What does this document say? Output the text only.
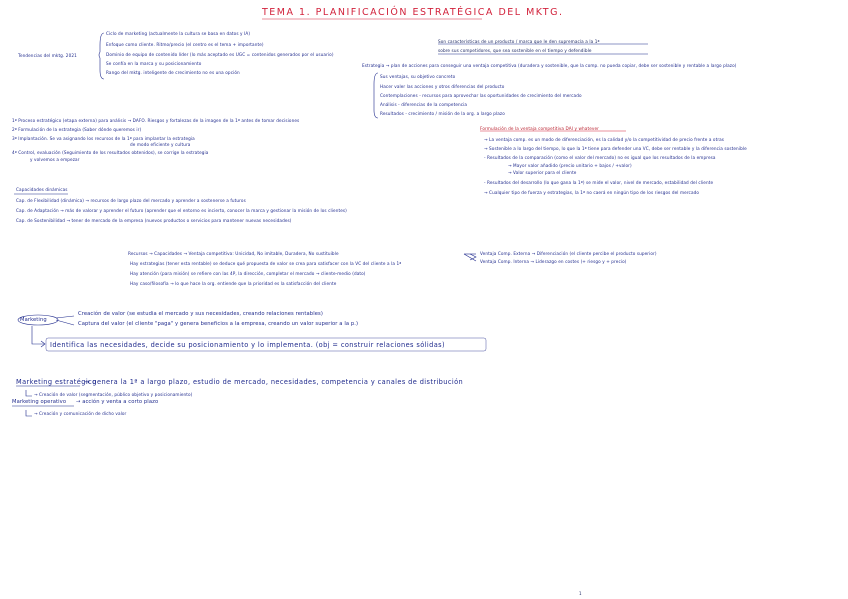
TEMA 1. PLANIFICACIÓN ESTRATÉGICA DEL MKTG.
Tendencias del mktg. 2021
Ciclo de marketing (actualmente la cultura se basa en datos y IA)
Enfoque como cliente. Ritmo/precio (el centro es el tema + importante)
Dominio de equipo de contenido líder (lo más aceptado es UGC = contenidos generados por el usuario)
Se confía en la marca y su posicionamiento
Rango del mktg. inteligente de crecimiento no es una opción
Son características de un producto / marca que le den supremacía a la 1ª
sobre sus competidores, que sea sostenible en el tiempo y defendible
Estrategia → plan de acciones para conseguir una ventaja competitiva (duradera y sostenible, que la comp. no pueda copiar, debe ser sostenible y rentable a largo plazo)
Sus ventajas, su objetivo concreto
Hacer valer las acciones y otros diferencias del producto
Contemplaciones - recursos para aprovechar las oportunidades de crecimiento del mercado
Análisis - diferencias de la competencia
Resultados - crecimiento / misión de la org. a largo plazo
1ª Proceso estratégico (etapa externa) para análisis → DAFO. Riesgos y fortalezas de la imagen de la 1ª antes de tomar decisiones
2ª Formulación de la estrategia (Saber dónde queremos ir)
3ª Implantación. Se va asignando los recursos de la 1ª para implantar la estrategia
de modo eficiente y cultura
4ª Control, evaluación (Seguimiento de los resultados obtenidos), se corrige la estrategia
y volvemos a empezar
Formulación de la ventaja competitiva DAI y whatever
→ La ventaja comp. es un modo de diferenciación, es la calidad y/o la competitividad de precio frente a otras
→ Sostenible a lo largo del tiempo, lo que la 1ª tiene para defender una VC, debe ser rentable y la diferencia sostenible
- Resultados de la comparación (como el valor del mercado) no es igual que los resultados de la empresa
→ Mayor valor añadido (precio unitario + bajos / +valor)
→ Valor superior para el cliente
- Resultados del desarrollo (lo que gana la 1ª) se mide el valor, nivel de mercado, estabilidad del cliente
→ Cualquier tipo de fuerza y estrategias, la 1ª no caerá en ningún tipo de los riesgos del mercado
Capacidades dinámicas
Cap. de Flexibilidad (dinámica) → recursos de largo plazo del mercado y aprender a sostenerse a futuros
Cap. de Adaptación → más de valorar y aprender el futuro (aprender que el entorno es incierto, conocer la marca y gestionar la misión de los clientes)
Cap. de Sostenibilidad → tener de mercado de la empresa (nuevos productos o servicios para mantener nuevas necesidades)
Recursos → Capacidades → Ventaja competitiva: Unicidad, No imitable, Duradera, No sustituible
Hay estrategias (tener esta rentable) se deduce qué propuesta de valor se crea para satisfacer con la VC del cliente a la 1ª
Hay atención (para misión) se refiere con las 4P, la dirección, completar el mercado → cliente-medio (dato)
Hay caso/filosofía → lo que hace la org. entiende que la prioridad es la satisfacción del cliente
Ventaja Comp. Externa → Diferenciación (el cliente percibe el producto superior)
Ventaja Comp. Interna → Liderazgo en costes (+ riesgo y + precio)
Marketing
Creación de valor (se estudia el mercado y sus necesidades, creando relaciones rentables)
Captura del valor (el cliente "paga" y genera beneficios a la empresa, creando un valor superior a la p.)
Identifica las necesidades, decide su posicionamiento y lo implementa. (obj = construir relaciones sólidas)
Marketing estratégico
→ genera la 1ª a largo plazo, estudio de mercado, necesidades, competencia y canales de distribución
→ Creación de valor (segmentación, público objetivo y posicionamiento)
Marketing operativo → acción y venta a corto plazo
→ Creación y comunicación de dicho valor
1
